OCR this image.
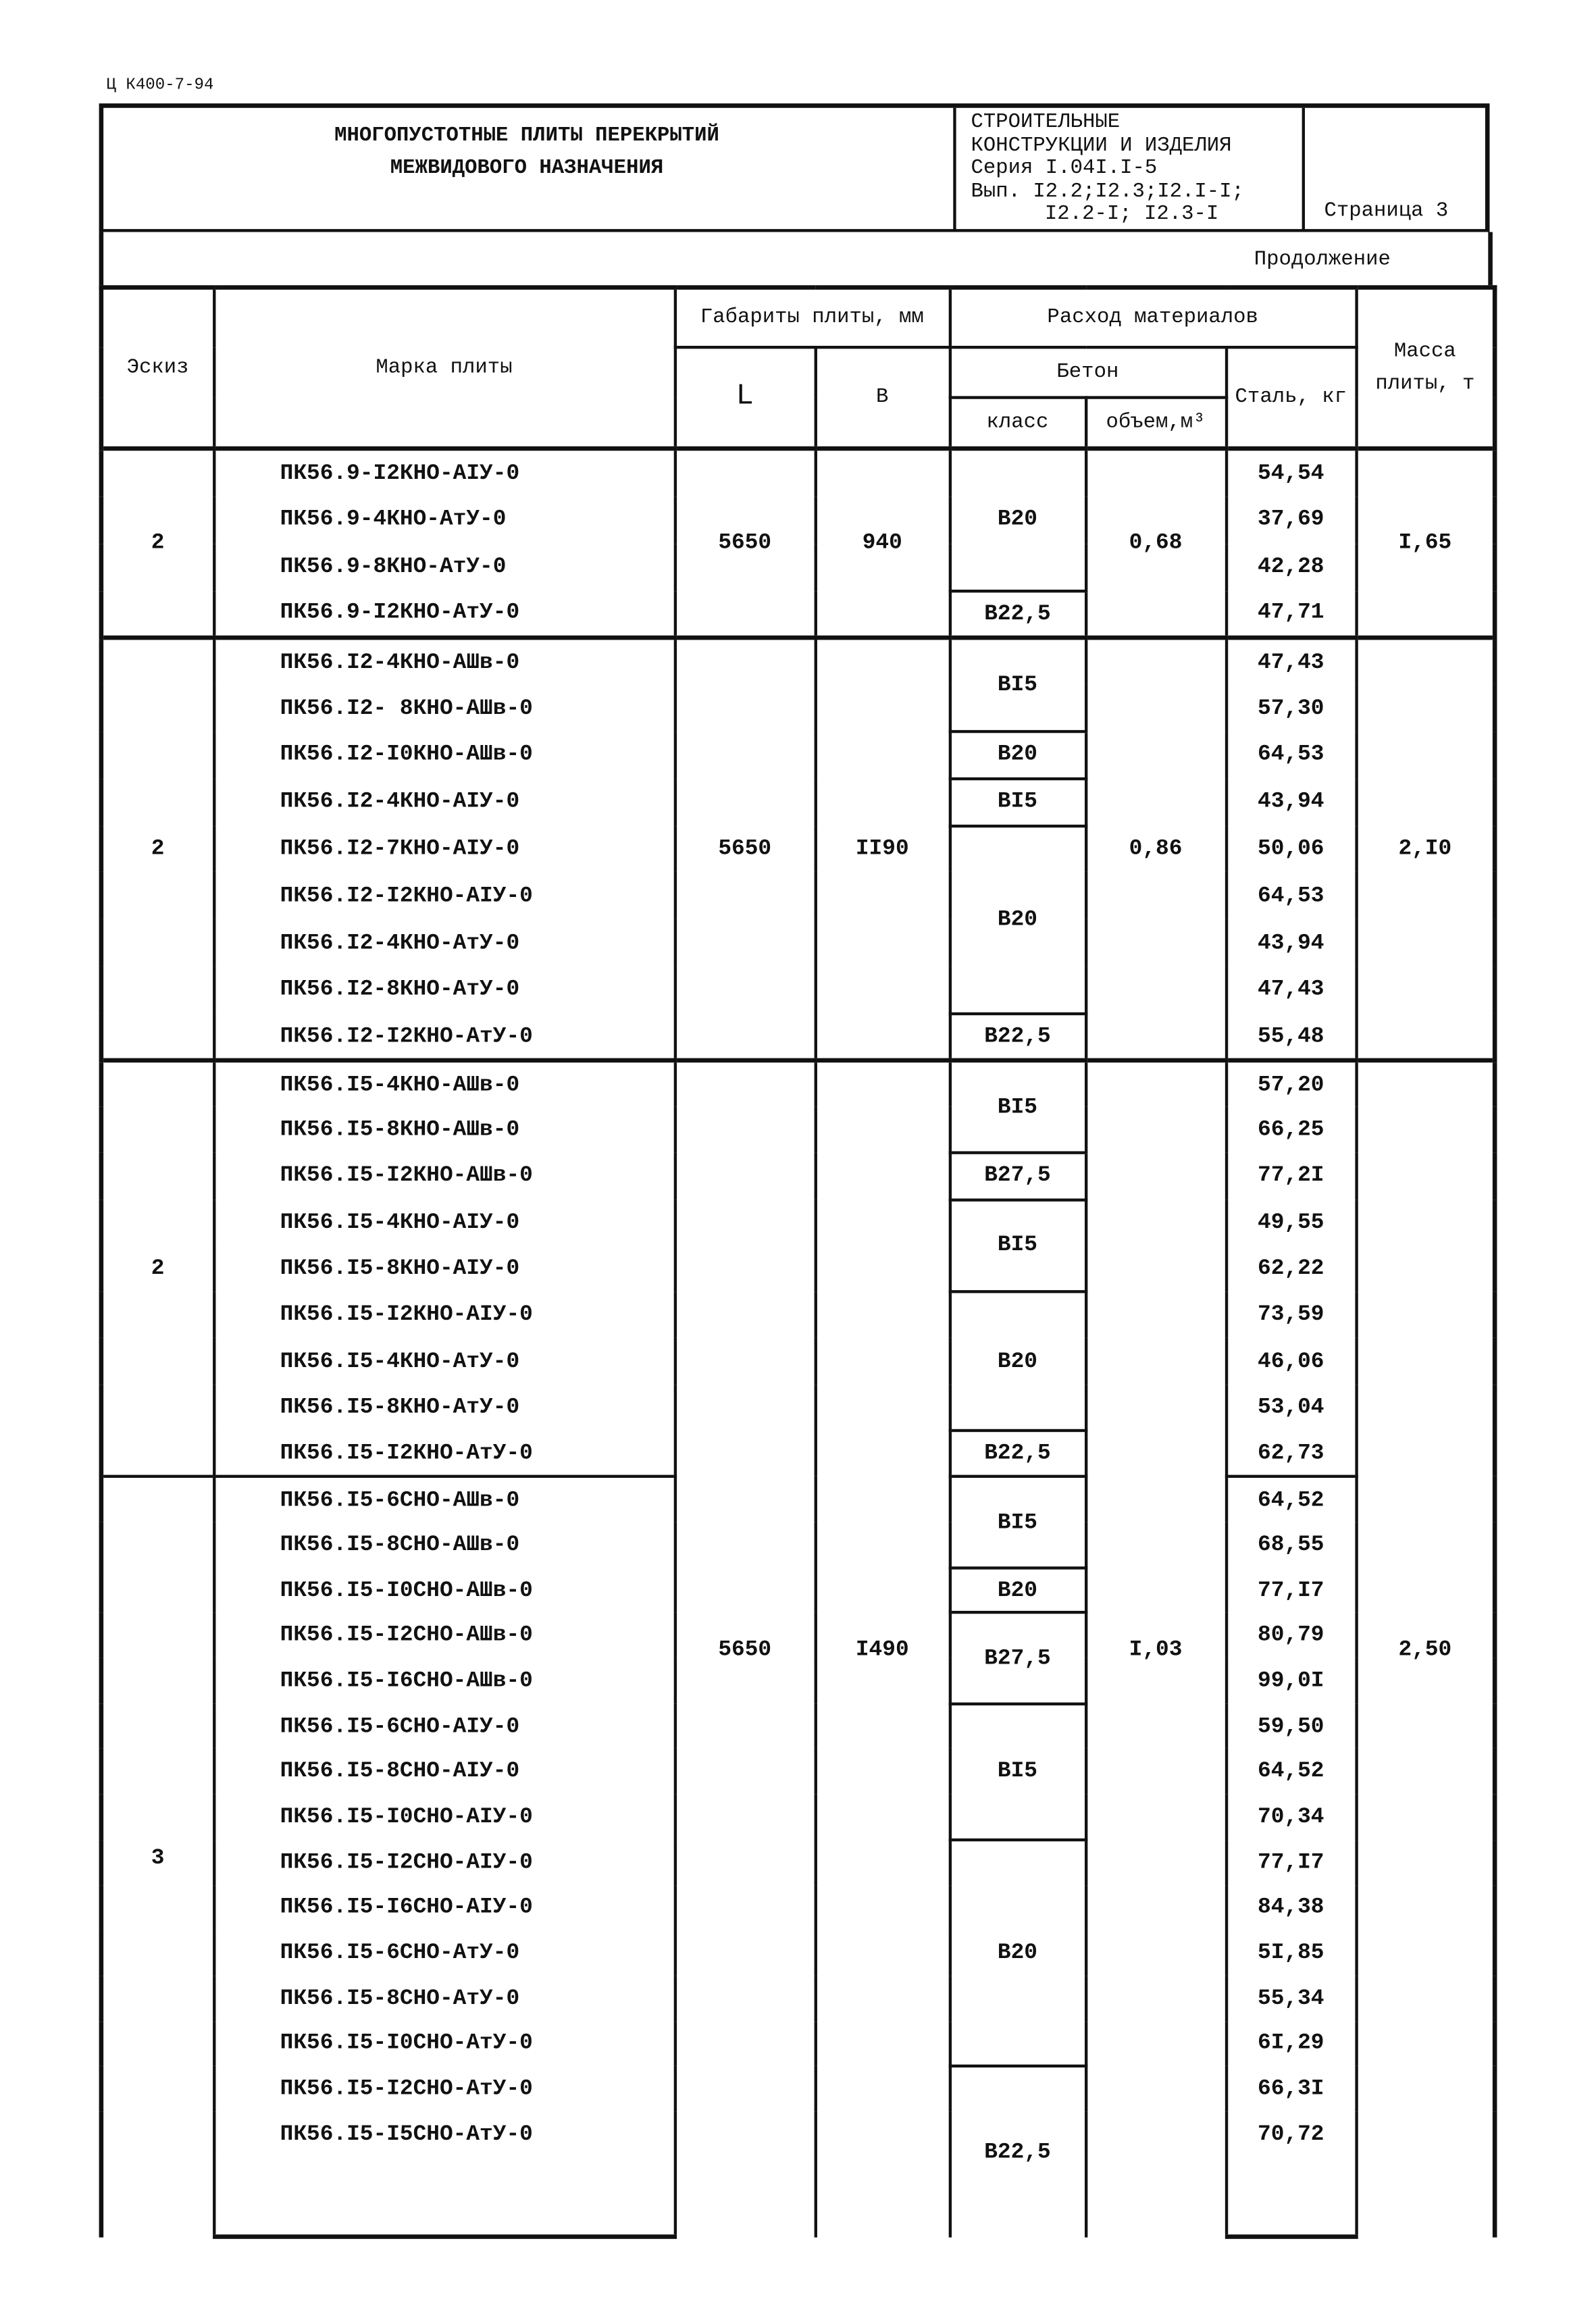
Ц К400-7-94
МНОГОПУСТОТНЫЕ ПЛИТЫ ПЕРЕКРЫТИЙ
МЕЖВИДОВОГО НАЗНАЧЕНИЯ
СТРОИТЕЛЬНЫЕ
КОНСТРУКЦИИ И ИЗДЕЛИЯ
Серия I.04I.I-5
Вып. I2.2;I2.3;I2.I-I;
I2.2-I; I2.3-I	Страница 3
Продолжение
Эскиз	Марка плиты	Габариты плиты, мм		Расход материалов			Масса плиты, т
		L	B	Бетон		Сталь, кг	
				класс	объем,м³		
2	ПК56.9-I2КНО-АIУ-0	5650	940	B20	0,68	54,54	I,65
	ПК56.9-4КНО-АтУ-0					37,69	
	ПК56.9-8КНО-АтУ-0					42,28	
	ПК56.9-I2КНО-АтУ-0			B22,5		47,71	
2	ПК56.I2-4КНО-АШв-0	5650	II90	BI5	0,86	47,43	2,I0
	ПК56.I2- 8КНО-АШв-0					57,30	
	ПК56.I2-I0КНО-АШв-0			B20		64,53	
	ПК56.I2-4КНО-АIУ-0			BI5		43,94	
	ПК56.I2-7КНО-АIУ-0			B20		50,06	
	ПК56.I2-I2КНО-АIУ-0					64,53	
	ПК56.I2-4КНО-АтУ-0					43,94	
	ПК56.I2-8КНО-АтУ-0					47,43	
	ПК56.I2-I2КНО-АтУ-0			B22,5		55,48	
2	ПК56.I5-4КНО-АШв-0	5650	I490	BI5	I,03	57,20	2,50
	ПК56.I5-8КНО-АШв-0					66,25	
	ПК56.I5-I2КНО-АШв-0			B27,5		77,2I	
	ПК56.I5-4КНО-АIУ-0			BI5		49,55	
	ПК56.I5-8КНО-АIУ-0					62,22	
	ПК56.I5-I2КНО-АIУ-0			B20		73,59	
	ПК56.I5-4КНО-АтУ-0					46,06	
	ПК56.I5-8КНО-АтУ-0					53,04	
	ПК56.I5-I2КНО-АтУ-0			B22,5		62,73	
3	ПК56.I5-6СНО-АШв-0			BI5		64,52	
	ПК56.I5-8СНО-АШв-0					68,55	
	ПК56.I5-I0СНО-АШв-0			B20		77,I7	
	ПК56.I5-I2СНО-АШв-0			B27,5		80,79	
	ПК56.I5-I6СНО-АШв-0					99,0I	
	ПК56.I5-6СНО-АIУ-0			BI5		59,50	
	ПК56.I5-8СНО-АIУ-0					64,52	
	ПК56.I5-I0СНО-АIУ-0					70,34	
	ПК56.I5-I2СНО-АIУ-0			B20		77,I7	
	ПК56.I5-I6СНО-АIУ-0					84,38	
	ПК56.I5-6СНО-АтУ-0					5I,85	
	ПК56.I5-8СНО-АтУ-0					55,34	
	ПК56.I5-I0СНО-АтУ-0					6I,29	
	ПК56.I5-I2СНО-АтУ-0			B22,5		66,3I	
	ПК56.I5-I5СНО-АтУ-0					70,72	
